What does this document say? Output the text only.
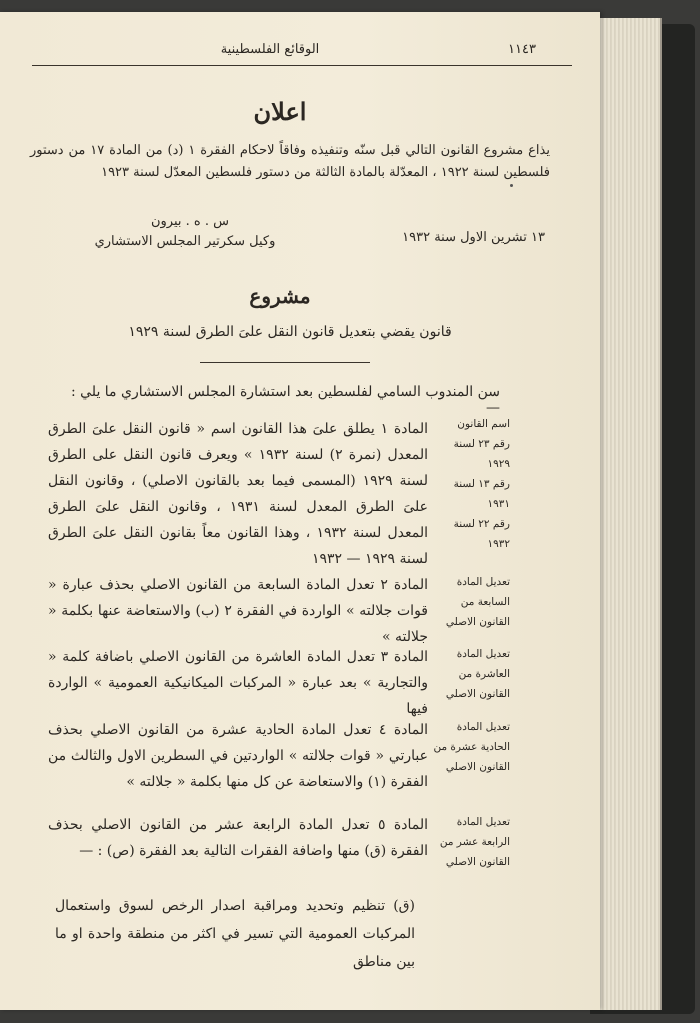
الوقائع الفلسطينية	١١٤٣
اعلان
يذاع مشروع القانون التالي قبل سنّه وتنفيذه وفاقاً لاحكام الفقرة ١ (د) من المادة ١٧ من دستور فلسطين لسنة ١٩٢٢ ، المعدّلة بالمادة الثالثة من دستور فلسطين المعدّل لسنة ١٩٢٣
س . ه . بيرون
وكيل سكرتير المجلس الاستشاري	١٣ تشرين الاول سنة ١٩٣٢
مشروع
قانون يقضي بتعديل قانون النقل علىَ الطرق لسنة ١٩٢٩
سن المندوب السامي لفلسطين بعد استشارة المجلس الاستشاري ما يلي : —
اسم القانون
رقم ٢٣ لسنة ١٩٢٩
رقم ١٣ لسنة ١٩٣١
رقم ٢٢ لسنة ١٩٣٢
المادة ١ يطلق علىَ هذا القانون اسم « قانون النقل علىَ الطرق المعدل (نمرة ٢) لسنة ١٩٣٢ » ويعرف قانون النقل على الطرق لسنة ١٩٢٩ (المسمى فيما بعد بالقانون الاصلي) ، وقانون النقل علىَ الطرق المعدل لسنة ١٩٣١ ، وقانون النقل علىَ الطرق المعدل لسنة ١٩٣٢ ، وهذا القانون معاً بقانون النقل علىَ الطرق لسنة ١٩٢٩ — ١٩٣٢
تعديل المادة السابعة من القانون الاصلي
المادة ٢ تعدل المادة السابعة من القانون الاصلي بحذف عبارة « قوات جلالته » الواردة في الفقرة ٢ (ب) والاستعاضة عنها بكلمة « جلالته »
تعديل المادة العاشرة من القانون الاصلي
المادة ٣ تعدل المادة العاشرة من القانون الاصلي باضافة كلمة « والتجارية » بعد عبارة « المركبات الميكانيكية العمومية » الواردة فيها
تعديل المادة الحادية عشرة من القانون الاصلي
المادة ٤ تعدل المادة الحادية عشرة من القانون الاصلي بحذف عبارتي « قوات جلالته » الواردتين في السطرين الاول والثالث من الفقرة (١) والاستعاضة عن كل منها بكلمة « جلالته »
تعديل المادة الرابعة عشر من القانون الاصلي
المادة ٥ تعدل المادة الرابعة عشر من القانون الاصلي بحذف الفقرة (ق) منها واضافة الفقرات التالية بعد الفقرة (ص) : —
(ق) تنظيم وتحديد ومراقبة اصدار الرخص لسوق واستعمال المركبات العمومية التي تسير في اكثر من منطقة واحدة او ما بين مناطق
